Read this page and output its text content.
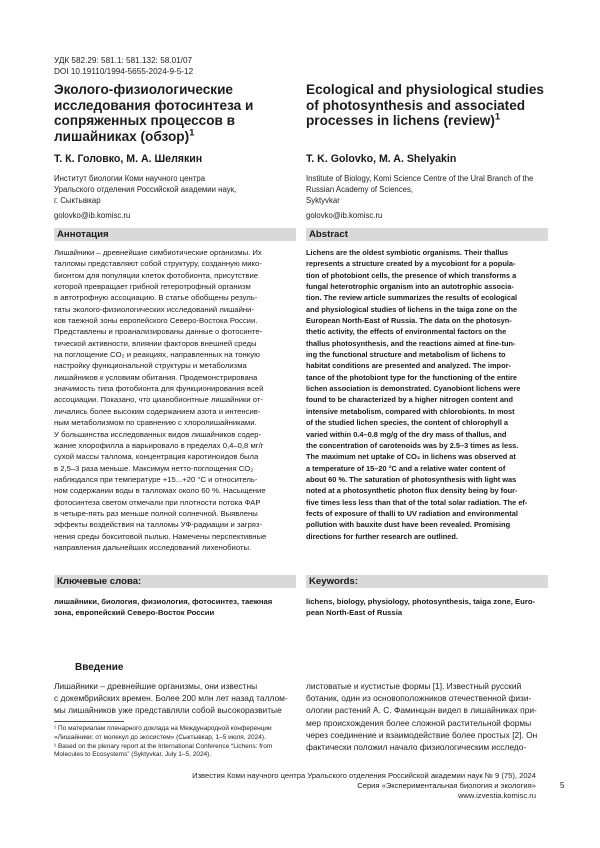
УДК 582.29: 581.1: 581.132: 58.01/07
DOI 10.19110/1994-5655-2024-9-5-12
Эколого-физиологические исследования фотосинтеза и сопряженных процессов в лишайниках (обзор)1
Т. К. Головко, М. А. Шелякин
Институт биологии Коми научного центра
Уральского отделения Российской академии наук,
г. Сыктывкар
golovko@ib.komisc.ru
Ecological and physiological studies of photosynthesis and associated processes in lichens (review)1
T. K. Golovko, M. A. Shelyakin
Institute of Biology, Komi Science Centre of the Ural Branch of the
Russian Academy of Sciences,
Syktyvkar
golovko@ib.komisc.ru
Аннотация	Abstract
Лишайники – древнейшие симбиотические организмы. Их
талломы представляют собой структуру, созданную мико-
бионтом для популяции клеток фотобионта, присутствие
которой превращает грибной гетеротрофный организм
в автотрофную ассоциацию. В статье обобщены резуль-
таты эколого-физиологических исследований лишайни-
ков таежной зоны европейского Северо-Востока России.
Представлены и проанализированы данные о фотосинте-
тической активности, влиянии факторов внешней среды
на поглощение CO₂ и реакциях, направленных на тонкую
настройку функциональной структуры и метаболизма
лишайников к условиям обитания. Продемонстрирована
значимость типа фотобионта для функционирования всей
ассоциации. Показано, что цианобионтные лишайники от-
личались более высоким содержанием азота и интенсив-
ным метаболизмом по сравнению с хлоролишайниками.
У большинства исследованных видов лишайников содер-
жание хлорофилла a варьировало в пределах 0,4–0,8 мг/г
сухой массы таллома, концентрация каротиноидов была
в 2,5–3 раза меньше. Максимум нетто-поглощения CO₂
наблюдался при температуре +15...+20 °C и относитель-
ном содержании воды в талломах около 60 %. Насыщение
фотосинтеза светом отмечали при плотности потока ФАР
в четыре-пять раз меньше полной солнечной. Выявлены
эффекты воздействия на талломы УФ-радиации и загряз-
нения среды бокситовой пылью. Намечены перспективные
направления дальнейших исследований лихенобиоты.
Lichens are the oldest symbiotic organisms. Their thallus
represents a structure created by a mycobiont for a popula-
tion of photobiont cells, the presence of which transforms a
fungal heterotrophic organism into an autotrophic associa-
tion. The review article summarizes the results of ecological
and physiological studies of lichens in the taiga zone on the
European North-East of Russia. The data on the photosyn-
thetic activity, the effects of environmental factors on the
thallus photosynthesis, and the reactions aimed at fine-tun-
ing the functional structure and metabolism of lichens to
habitat conditions are presented and analyzed. The impor-
tance of the photobiont type for the functioning of the entire
lichen association is demonstrated. Cyanobiont lichens were
found to be characterized by a higher nitrogen content and
intensive metabolism, compared with chlorobionts. In most
of the studied lichen species, the content of chlorophyll a
varied within 0.4–0.8 mg/g of the dry mass of thallus, and
the concentration of carotenoids was by 2.5–3 times as less.
The maximum net uptake of CO₂ in lichens was observed at
a temperature of 15–20 °C and a relative water content of
about 60 %. The saturation of photosynthesis with light was
noted at a photosynthetic photon flux density being by four-
five times less less than that of the total solar radiation. The ef-
fects of exposure of thalli to UV radiation and environmental
pollution with bauxite dust have been revealed. Promising
directions for further research are outlined.
Ключевые слова:	Keywords:
лишайники, биология, физиология, фотосинтез, таежная
зона, европейский Северо-Восток России
lichens, biology, physiology, photosynthesis, taiga zone, Euro-
pean North-East of Russia
Введение
Лишайники – древнейшие организмы, они известны
с докембрийских времен. Более 200 млн лет назад таллом-
мы лишайников уже представляли собой высокоразвитые
листоватые и кустистые формы [1]. Известный русский
ботаник, один из основоположников отечественной физи-
ологии растений А. С. Фаминцын видел в лишайниках при-
мер происхождения более сложной растительной формы
через соединение и взаимодействие более простых [2]. Он
фактически положил начало физиологическим исследо-
¹ По материалам пленарного доклада на Международной конференции
«Лишайники: от молекул до экосистем» (Сыктывкар, 1–5 июля, 2024).
¹ Based on the plenary report at the International Conference “Lichens: from
Molecules to Ecosystems” (Syktyvkar, July 1–5, 2024).
Известия Коми научного центра Уральского отделения Российской академии наук № 9 (75), 2024
Серия «Экспериментальная биология и экология»
www.izvestia.komisc.ru
5
